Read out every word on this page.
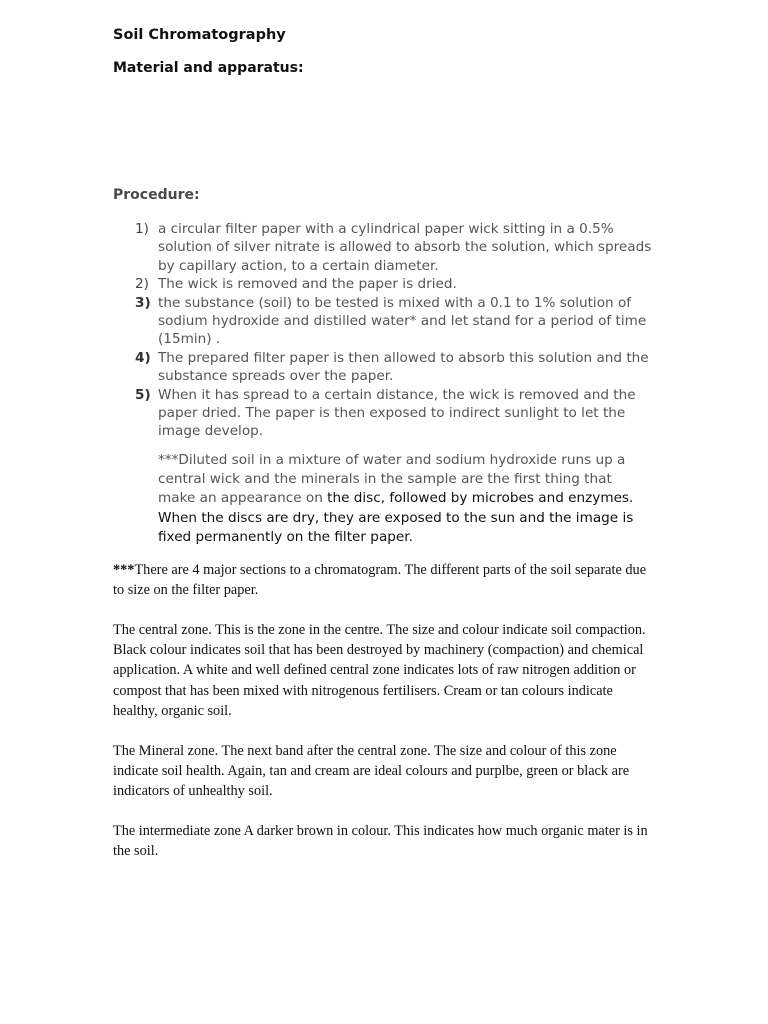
Soil Chromatography
Material and apparatus:
Procedure:
1) a circular filter paper with a cylindrical paper wick sitting in a 0.5% solution of silver nitrate is allowed to absorb the solution, which spreads by capillary action, to a certain diameter.
2) The wick is removed and the paper is dried.
3) the substance (soil) to be tested is mixed with a 0.1 to 1% solution of sodium hydroxide and distilled water* and let stand for a period of time (15min) .
4) The prepared filter paper is then allowed to absorb this solution and the substance spreads over the paper.
5) When it has spread to a certain distance, the wick is removed and the paper dried. The paper is then exposed to indirect sunlight to let the image develop.

***Diluted soil in a mixture of water and sodium hydroxide runs up a central wick and the minerals in the sample are the first thing that make an appearance on the disc, followed by microbes and enzymes. When the discs are dry, they are exposed to the sun and the image is fixed permanently on the filter paper.

***There are 4 major sections to a chromatogram. The different parts of the soil separate due to size on the filter paper.

The central zone. This is the zone in the centre. The size and colour indicate soil compaction. Black colour indicates soil that has been destroyed by machinery (compaction) and chemical application. A white and well defined central zone indicates lots of raw nitrogen addition or compost that has been mixed with nitrogenous fertilisers. Cream or tan colours indicate healthy, organic soil.

The Mineral zone. The next band after the central zone. The size and colour of this zone indicate soil health. Again, tan and cream are ideal colours and purplbe, green or black are indicators of unhealthy soil.

The intermediate zone A darker brown in colour. This indicates how much organic mater is in the soil.
